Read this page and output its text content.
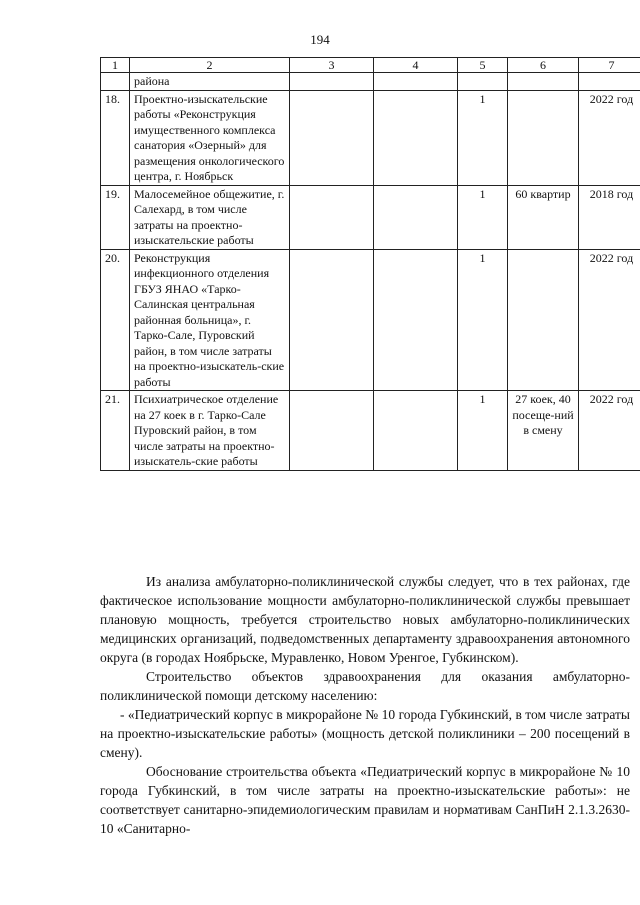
194
1	2	3	4	5	6	7
	района					
18.	Проектно-изыскательские работы «Реконструкция имущественного комплекса санатория «Озерный» для размещения онкологического центра, г. Ноябрьск			1		2022 год
19.	Малосемейное общежитие, г. Салехард, в том числе затраты на проектно-изыскательские работы			1	60 квартир	2018 год
20.	Реконструкция инфекционного отделения ГБУЗ ЯНАО «Тарко-Салинская центральная районная больница», г. Тарко-Сале, Пуровский район, в том числе затраты на проектно-изыскатель-ские работы			1		2022 год
21.	Психиатрическое отделение на 27 коек в г. Тарко-Сале Пуровский район, в том числе затраты на проектно-изыскатель-ские работы			1	27 коек, 40 посеще-ний в смену	2022 год

Из анализа амбулаторно-поликлинической службы следует, что в тех районах, где фактическое использование мощности амбулаторно-поликлинической службы превышает плановую мощность, требуется строительство новых амбулаторно-поликлинических медицинских организаций, подведомственных департаменту здравоохранения автономного округа (в городах Ноябрьске, Муравленко, Новом Уренгое, Губкинском).

Строительство объектов здравоохранения для оказания амбулаторно-поликлинической помощи детскому населению:

- «Педиатрический корпус в микрорайоне № 10 города Губкинский, в том числе затраты на проектно-изыскательские работы» (мощность детской поликлиники – 200 посещений в смену).

Обоснование строительства объекта «Педиатрический корпус в микрорайоне № 10 города Губкинский, в том числе затраты на проектно-изыскательские работы»: не соответствует санитарно-эпидемиологическим правилам и нормативам СанПиН 2.1.3.2630-10 «Санитарно-
